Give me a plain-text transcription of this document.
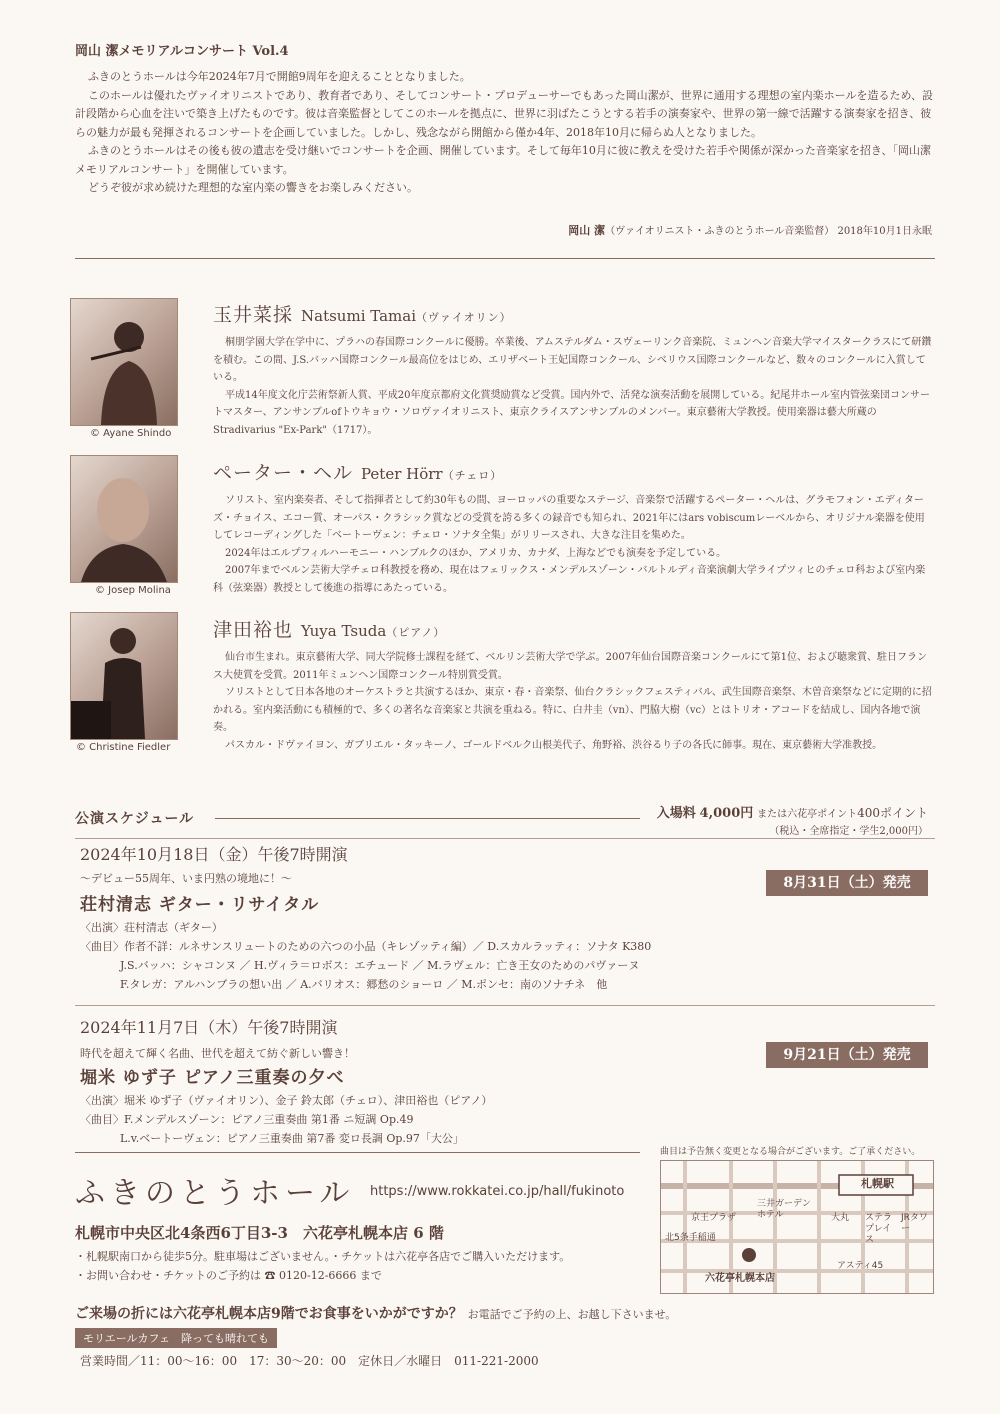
岡山 潔メモリアルコンサート Vol.4

ふきのとうホールは今年2024年7月で開館9周年を迎えることとなりました。

このホールは優れたヴァイオリニストであり、教育者であり、そしてコンサート・プロデューサーでもあった岡山潔が、世界に通用する理想の室内楽ホールを造るため、設計段階から心血を注いで築き上げたものです。彼は音楽監督としてこのホールを拠点に、世界に羽ばたこうとする若手の演奏家や、世界の第一線で活躍する演奏家を招き、彼らの魅力が最も発揮されるコンサートを企画していました。しかし、残念ながら開館から僅か4年、2018年10月に帰らぬ人となりました。

ふきのとうホールはその後も彼の遺志を受け継いでコンサートを企画、開催しています。そして毎年10月に彼に教えを受けた若手や関係が深かった音楽家を招き、「岡山潔メモリアルコンサート」を開催しています。

どうぞ彼が求め続けた理想的な室内楽の響きをお楽しみください。

岡山 潔（ヴァイオリニスト・ふきのとうホール音楽監督） 2018年10月1日永眠
© Ayane Shindo
玉井菜採 Natsumi Tamai（ヴァイオリン）

桐朋学園大学在学中に、プラハの春国際コンクールに優勝。卒業後、アムステルダム・スヴェーリンク音楽院、ミュンヘン音楽大学マイスタークラスにて研鑽を積む。この間、J.S.バッハ国際コンクール最高位をはじめ、エリザベート王妃国際コンクール、シベリウス国際コンクールなど、数々のコンクールに入賞している。

平成14年度文化庁芸術祭新人賞、平成20年度京都府文化賞奨励賞など受賞。国内外で、活発な演奏活動を展開している。紀尾井ホール室内管弦楽団コンサートマスター、アンサンブルofトウキョウ・ソロヴァイオリニスト、東京クライスアンサンブルのメンバー。東京藝術大学教授。使用楽器は藝大所蔵のStradivarius "Ex-Park"（1717）。

© Josep Molina
ペーター・ヘル Peter Hörr（チェロ）

ソリスト、室内楽奏者、そして指揮者として約30年もの間、ヨーロッパの重要なステージ、音楽祭で活躍するペーター・ヘルは、グラモフォン・エディターズ・チョイス、エコー賞、オーパス・クラシック賞などの受賞を誇る多くの録音でも知られ、2021年にはars vobiscumレーベルから、オリジナル楽器を使用してレコーディングした「ベートーヴェン：チェロ・ソナタ全集」がリリースされ、大きな注目を集めた。

2024年はエルプフィルハーモニー・ハンブルクのほか、アメリカ、カナダ、上海などでも演奏を予定している。

2007年までベルン芸術大学チェロ科教授を務め、現在はフェリックス・メンデルスゾーン・バルトルディ音楽演劇大学ライプツィヒのチェロ科および室内楽科（弦楽器）教授として後進の指導にあたっている。

© Christine Fiedler
津田裕也 Yuya Tsuda（ピアノ）

仙台市生まれ。東京藝術大学、同大学院修士課程を経て、ベルリン芸術大学で学ぶ。2007年仙台国際音楽コンクールにて第1位、および聴衆賞、駐日フランス大使賞を受賞。2011年ミュンヘン国際コンクール特別賞受賞。

ソリストとして日本各地のオーケストラと共演するほか、東京・春・音楽祭、仙台クラシックフェスティバル、武生国際音楽祭、木曽音楽祭などに定期的に招かれる。室内楽活動にも積極的で、多くの著名な音楽家と共演を重ねる。特に、白井圭（vn）、門脇大樹（vc）とはトリオ・アコードを結成し、国内各地で演奏。

パスカル・ドヴァイヨン、ガブリエル・タッキーノ、ゴールドベルク山根美代子、角野裕、渋谷るり子の各氏に師事。現在、東京藝術大学准教授。

公演スケジュール	入場料 4,000円 または六花亭ポイント400ポイント
（税込・全席指定・学生2,000円）
2024年10月18日（金）午後7時開演
～デビュー55周年、いま円熟の境地に！～
荘村清志 ギター・リサイタル
8月31日（土）発売
〈出演〉荘村清志（ギター）
〈曲目〉作者不詳：ルネサンスリュートのための六つの小品（キレゾッティ編）／ D.スカルラッティ：ソナタ K380
J.S.バッハ：シャコンヌ ／ H.ヴィラ＝ロボス：エチュード ／ M.ラヴェル：亡き王女のためのパヴァーヌ
F.タレガ：アルハンブラの想い出 ／ A.バリオス：郷愁のショーロ ／ M.ポンセ：南のソナチネ　他
2024年11月7日（木）午後7時開演
時代を超えて輝く名曲、世代を超えて紡ぐ新しい響き！
堀米 ゆず子 ピアノ三重奏の夕べ
9月21日（土）発売
〈出演〉堀米 ゆず子（ヴァイオリン）、金子 鈴太郎（チェロ）、津田裕也（ピアノ）
〈曲目〉F.メンデルスゾーン：ピアノ三重奏曲 第1番 ニ短調 Op.49
L.v.ベートーヴェン：ピアノ三重奏曲 第7番 変ロ長調 Op.97「大公」
ふきのとうホール https://www.rokkatei.co.jp/hall/fukinoto
札幌市中央区北4条西6丁目3-3　六花亭札幌本店 6 階
・札幌駅南口から徒歩5分。駐車場はございません。・チケットは六花亭各店でご購入いただけます。
・お問い合わせ・チケットのご予約は ☎ 0120-12-6666 まで
曲目は予告無く変更となる場合がございます。ご了承ください。
札幌駅
京王プラザ
三井ガーデンホテル	大丸 ステラプレイス
JRタワー
北5条手稲通
アスティ45
六花亭札幌本店
ご来場の折には六花亭札幌本店9階でお食事をいかがですか？ お電話でご予約の上、お越し下さいませ。
モリエールカフェ　降っても晴れても
営業時間／11：00～16：00　17：30～20：00　定休日／水曜日　011-221-2000
